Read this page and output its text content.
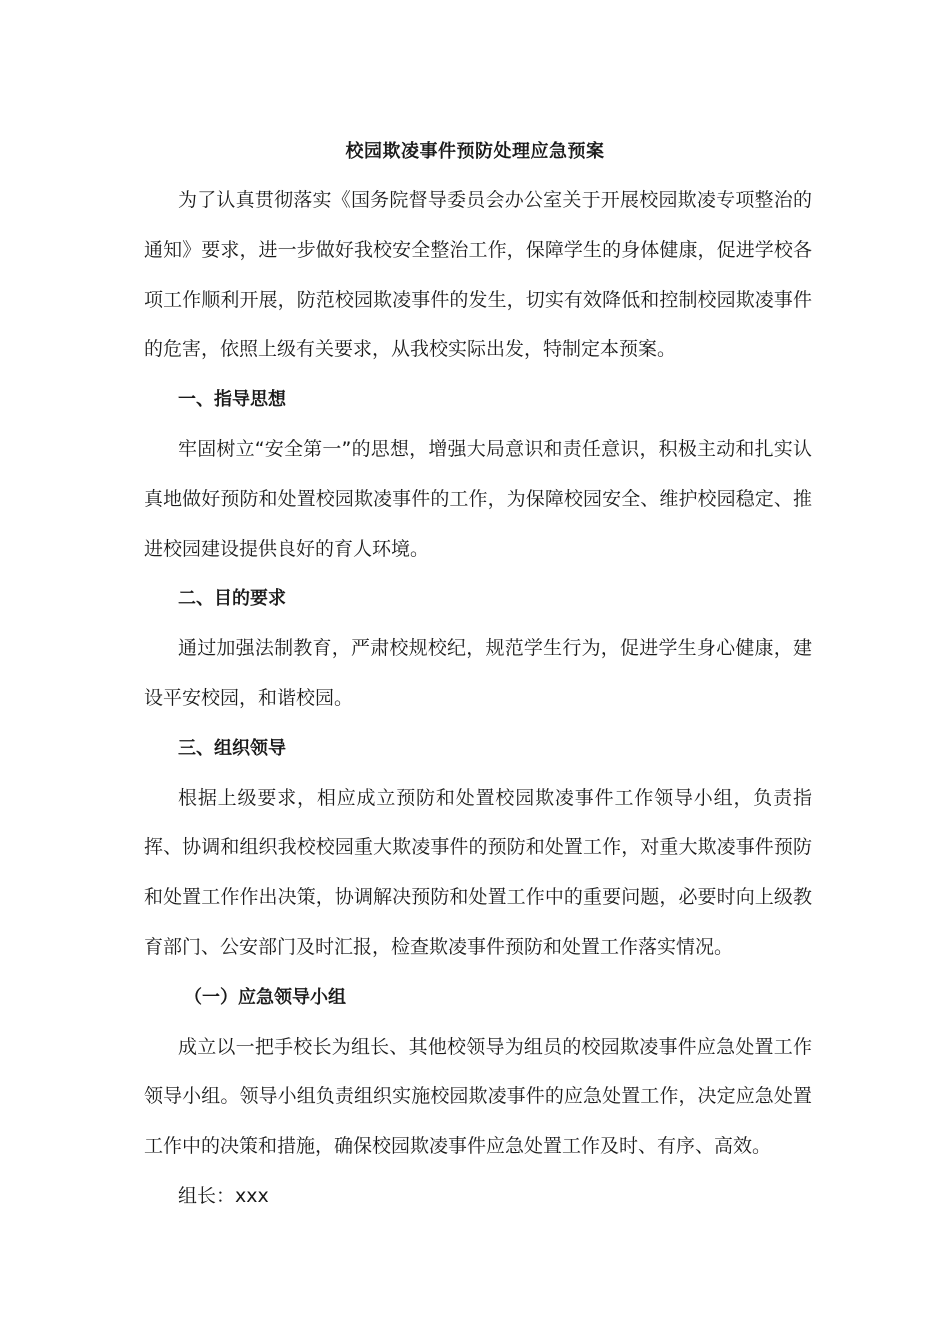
校园欺凌事件预防处理应急预案

为了认真贯彻落实《国务院督导委员会办公室关于开展校园欺凌专项整治的通知》要求，进一步做好我校安全整治工作，保障学生的身体健康，促进学校各项工作顺利开展，防范校园欺凌事件的发生，切实有效降低和控制校园欺凌事件的危害，依照上级有关要求，从我校实际出发，特制定本预案。

一、指导思想

牢固树立“安全第一”的思想，增强大局意识和责任意识，积极主动和扎实认真地做好预防和处置校园欺凌事件的工作，为保障校园安全、维护校园稳定、推进校园建设提供良好的育人环境。

二、目的要求

通过加强法制教育，严肃校规校纪，规范学生行为，促进学生身心健康，建设平安校园，和谐校园。

三、组织领导

根据上级要求，相应成立预防和处置校园欺凌事件工作领导小组，负责指挥、协调和组织我校校园重大欺凌事件的预防和处置工作，对重大欺凌事件预防和处置工作作出决策，协调解决预防和处置工作中的重要问题，必要时向上级教育部门、公安部门及时汇报，检查欺凌事件预防和处置工作落实情况。

（一）应急领导小组

成立以一把手校长为组长、其他校领导为组员的校园欺凌事件应急处置工作领导小组。领导小组负责组织实施校园欺凌事件的应急处置工作，决定应急处置工作中的决策和措施，确保校园欺凌事件应急处置工作及时、有序、高效。

组长：xxx
